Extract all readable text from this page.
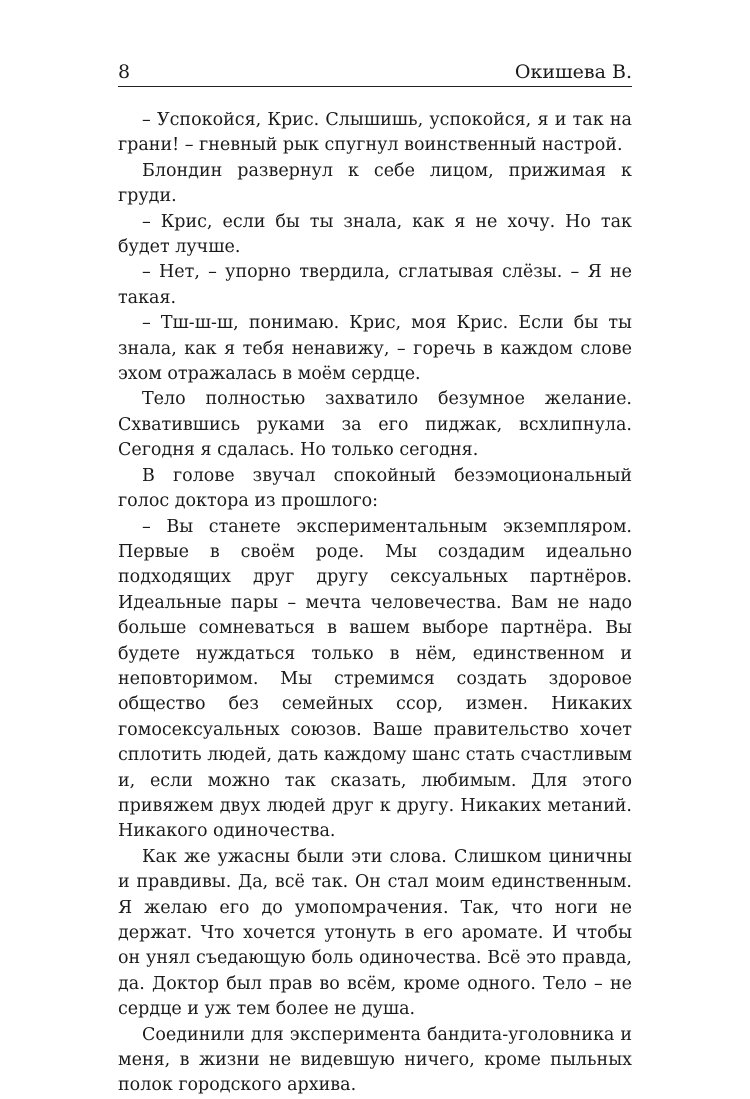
8	Окишева В.

– Успокойся, Крис. Слышишь, успокойся, я и так на грани! – гневный рык спугнул воинственный настрой.

Блондин развернул к себе лицом, прижимая к груди.

– Крис, если бы ты знала, как я не хочу. Но так будет лучше.

– Нет, – упорно твердила, сглатывая слёзы. – Я не такая.

– Тш-ш-ш, понимаю. Крис, моя Крис. Если бы ты знала, как я тебя ненавижу, – горечь в каждом слове эхом отражалась в моём сердце.

Тело полностью захватило безумное желание. Схватившись руками за его пиджак, всхлипнула. Сегодня я сдалась. Но только сегодня.

В голове звучал спокойный безэмоциональный голос доктора из прошлого:

– Вы станете экспериментальным экземпляром. Первые в своём роде. Мы создадим идеально подходящих друг другу сексуальных партнёров. Идеальные пары – мечта человечества. Вам не надо больше сомневаться в вашем выборе партнёра. Вы будете нуждаться только в нём, единственном и неповторимом. Мы стремимся создать здоровое общество без семейных ссор, измен. Никаких гомосексуальных союзов. Ваше правительство хочет сплотить людей, дать каждому шанс стать счастливым и, если можно так сказать, любимым. Для этого привяжем двух людей друг к другу. Никаких метаний. Никакого одиночества.

Как же ужасны были эти слова. Слишком циничны и правдивы. Да, всё так. Он стал моим единственным. Я желаю его до умопомрачения. Так, что ноги не держат. Что хочется утонуть в его аромате. И чтобы он унял съедающую боль одиночества. Всё это правда, да. Доктор был прав во всём, кроме одного. Тело – не сердце и уж тем более не душа.

Соединили для эксперимента бандита-уголовника и меня, в жизни не видевшую ничего, кроме пыльных полок городского архива.
